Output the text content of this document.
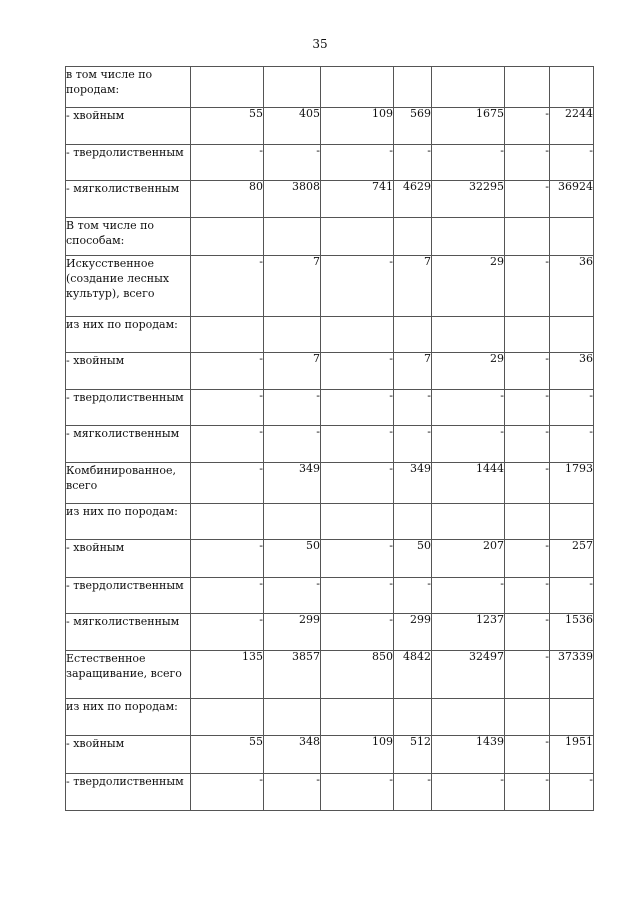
35
в том числе по породам:							
- хвойным	55	405	109	569	1675	-	2244
- твердолиственным	-	-	-	-	-	-	-
- мягколиственным	80	3808	741	4629	32295	-	36924
В том числе по способам:							
Искусственное (создание лесных культур), всего	-	7	-	7	29	-	36
из них по породам:							
- хвойным	-	7	-	7	29	-	36
- твердолиственным	-	-	-	-	-	-	-
- мягколиственным	-	-	-	-	-	-	-
Комбинированное, всего	-	349	-	349	1444	-	1793
из них по породам:							
- хвойным	-	50	-	50	207	-	257
- твердолиственным	-	-	-	-	-	-	-
- мягколиственным	-	299	-	299	1237	-	1536
Естественное заращивание, всего	135	3857	850	4842	32497	-	37339
из них по породам:							
- хвойным	55	348	109	512	1439	-	1951
- твердолиственным	-	-	-	-	-	-	-
